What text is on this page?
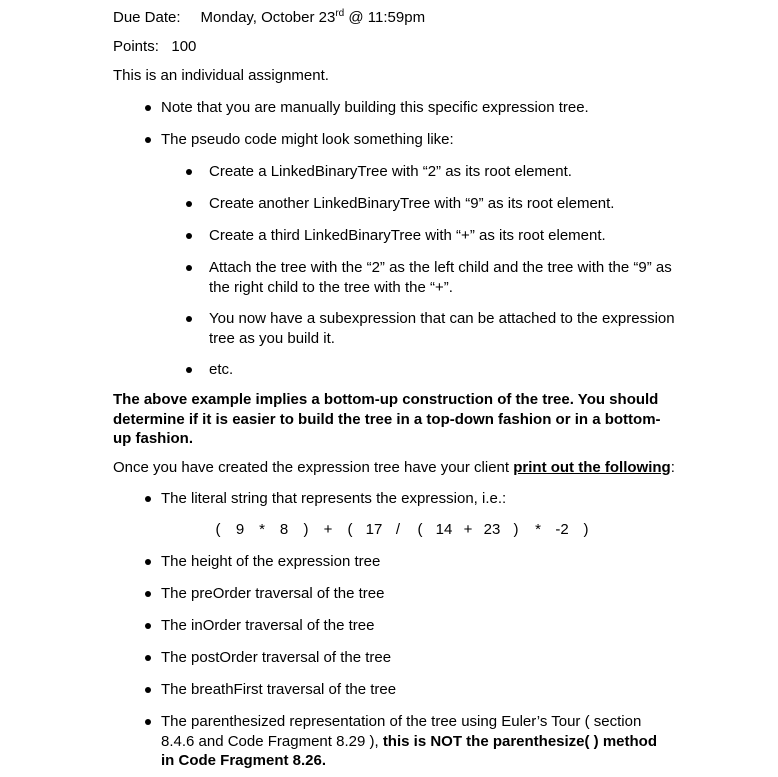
Due Date: Monday, October 23rd @ 11:59pm
Points: 100
This is an individual assignment.
Note that you are manually building this specific expression tree.
The pseudo code might look something like:
Create a LinkedBinaryTree with “2” as its root element.
Create another LinkedBinaryTree with “9” as its root element.
Create a third LinkedBinaryTree with “+” as its root element.
Attach the tree with the “2” as the left child and the tree with the “9” as the right child to the tree with the “+”.
You now have a subexpression that can be attached to the expression tree as you build it.
etc.
The above example implies a bottom-up construction of the tree. You should determine if it is easier to build the tree in a top-down fashion or in a bottom-up fashion.
Once you have created the expression tree have your client print out the following:
The literal string that represents the expression, i.e.:
( 9 * 8 ) + ( 17 / ( 14 + 23 ) * -2 )
The height of the expression tree
The preOrder traversal of the tree
The inOrder traversal of the tree
The postOrder traversal of the tree
The breathFirst traversal of the tree
The parenthesized representation of the tree using Euler’s Tour ( section 8.4.6 and Code Fragment 8.29 ), this is NOT the parenthesize( ) method in Code Fragment 8.26.
